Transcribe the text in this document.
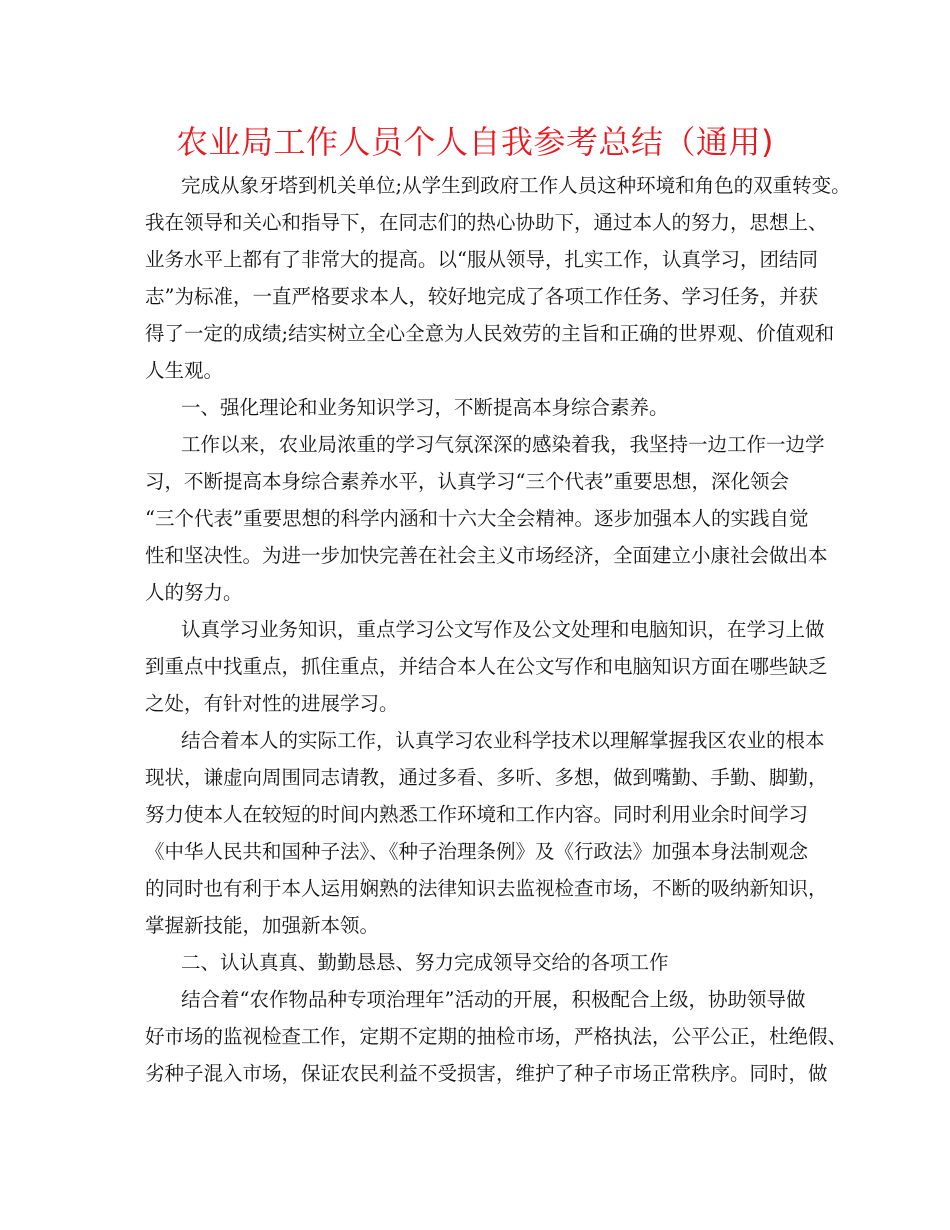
农业局工作人员个人自我参考总结（通用)
完成从象牙塔到机关单位;从学生到政府工作人员这种环境和角色的双重转变。
我在领导和关心和指导下，在同志们的热心协助下，通过本人的努力，思想上、
业务水平上都有了非常大的提高。以“服从领导，扎实工作，认真学习，团结同
志”为标准，一直严格要求本人，较好地完成了各项工作任务、学习任务，并获
得了一定的成绩;结实树立全心全意为人民效劳的主旨和正确的世界观、价值观和
人生观。
一、强化理论和业务知识学习，不断提高本身综合素养。
工作以来，农业局浓重的学习气氛深深的感染着我，我坚持一边工作一边学
习，不断提高本身综合素养水平，认真学习“三个代表”重要思想，深化领会
“三个代表”重要思想的科学内涵和十六大全会精神。逐步加强本人的实践自觉
性和坚决性。为进一步加快完善在社会主义市场经济，全面建立小康社会做出本
人的努力。
认真学习业务知识，重点学习公文写作及公文处理和电脑知识，在学习上做
到重点中找重点，抓住重点，并结合本人在公文写作和电脑知识方面在哪些缺乏
之处，有针对性的进展学习。
结合着本人的实际工作，认真学习农业科学技术以理解掌握我区农业的根本
现状，谦虚向周围同志请教，通过多看、多听、多想，做到嘴勤、手勤、脚勤，
努力使本人在较短的时间内熟悉工作环境和工作内容。同时利用业余时间学习
《中华人民共和国种子法》、《种子治理条例》及《行政法》加强本身法制观念
的同时也有利于本人运用娴熟的法律知识去监视检查市场，不断的吸纳新知识，
掌握新技能，加强新本领。
二、认认真真、勤勤恳恳、努力完成领导交给的各项工作
结合着“农作物品种专项治理年”活动的开展，积极配合上级，协助领导做
好市场的监视检查工作，定期不定期的抽检市场，严格执法，公平公正，杜绝假、
劣种子混入市场，保证农民利益不受损害，维护了种子市场正常秩序。同时，做
